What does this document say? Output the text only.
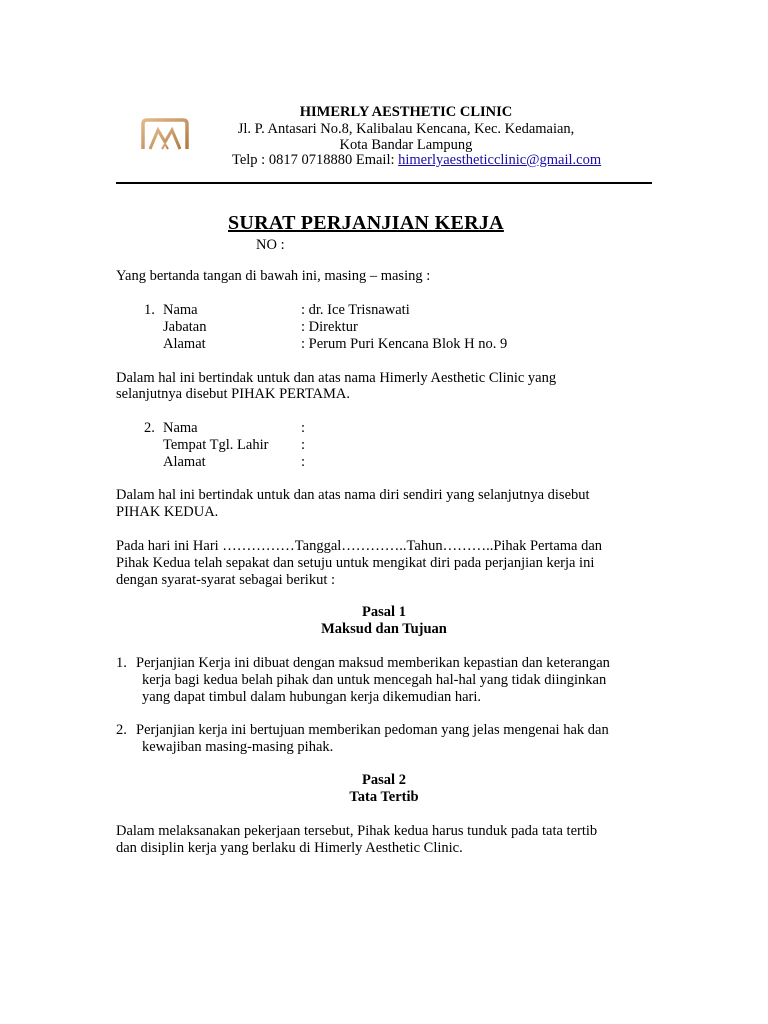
HIMERLY AESTHETIC CLINIC
Jl. P. Antasari No.8, Kalibalau Kencana, Kec. Kedamaian,
Kota Bandar Lampung
Telp : 0817 0718880 Email: himerlyaestheticclinic@gmail.com
SURAT PERJANJIAN KERJA
NO :
Yang bertanda tangan di bawah ini, masing – masing :
1. Nama	: dr. Ice Trisnawati
Jabatan	: Direktur
Alamat	: Perum Puri Kencana Blok H no. 9
Dalam hal ini bertindak untuk dan atas nama Himerly Aesthetic Clinic yang
selanjutnya disebut PIHAK PERTAMA.
2. Nama	:
Tempat Tgl. Lahir :
Alamat	:
Dalam hal ini bertindak untuk dan atas nama diri sendiri yang selanjutnya disebut
PIHAK KEDUA.
Pada hari ini Hari ……………Tanggal…………..Tahun………..Pihak Pertama dan
Pihak Kedua telah sepakat dan setuju untuk mengikat diri pada perjanjian kerja ini
dengan syarat-syarat sebagai berikut :
Pasal 1
Maksud dan Tujuan
1. Perjanjian Kerja ini dibuat dengan maksud memberikan kepastian dan keterangan
kerja bagi kedua belah pihak dan untuk mencegah hal-hal yang tidak diinginkan
yang dapat timbul dalam hubungan kerja dikemudian hari.
2. Perjanjian kerja ini bertujuan memberikan pedoman yang jelas mengenai hak dan
kewajiban masing-masing pihak.
Pasal 2
Tata Tertib
Dalam melaksanakan pekerjaan tersebut, Pihak kedua harus tunduk pada tata tertib
dan disiplin kerja yang berlaku di Himerly Aesthetic Clinic.
